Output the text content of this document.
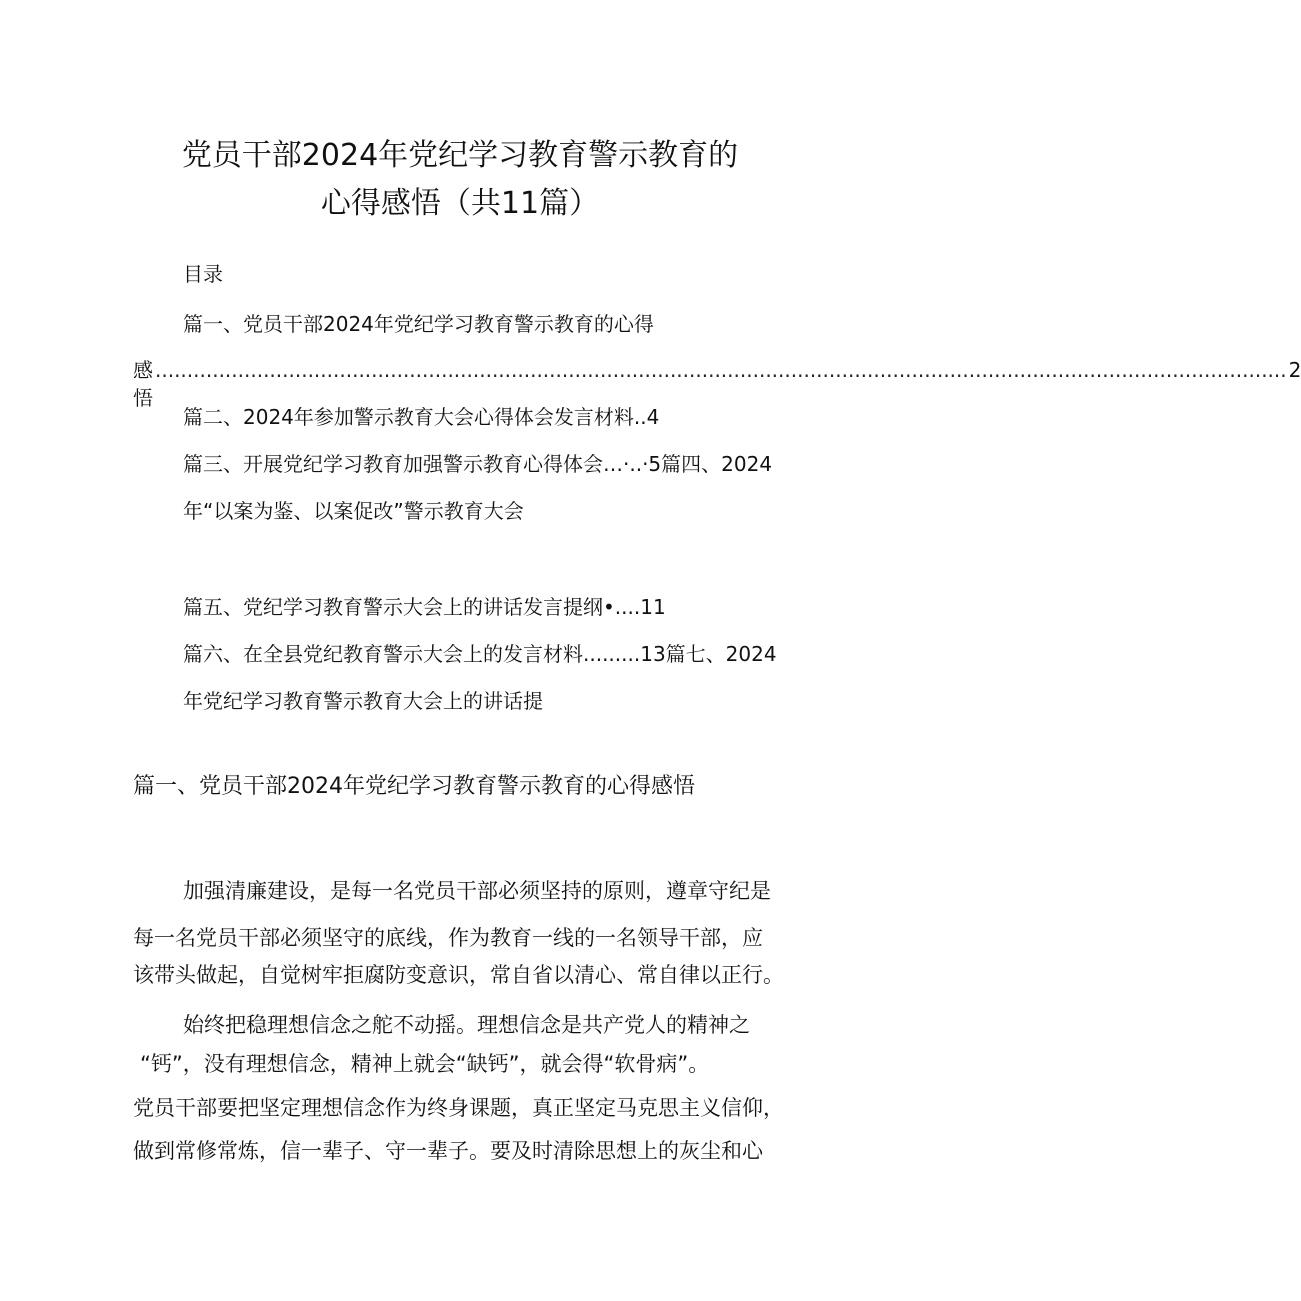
党员干部2024年党纪学习教育警示教育的
心得感悟（共11篇）
目录
篇一、党员干部2024年党纪学习教育警示教育的心得
感悟
.................................................................................................................................................................................. 2
篇二、2024年参加警示教育大会心得体会发言材料..4
篇三、开展党纪学习教育加强警示教育心得体会…·..·5篇四、2024
年“以案为鉴、以案促改”警示教育大会
篇五、党纪学习教育警示大会上的讲话发言提纲•....11
篇六、在全县党纪教育警示大会上的发言材料.........13篇七、2024
年党纪学习教育警示教育大会上的讲话提
篇一、党员干部2024年党纪学习教育警示教育的心得感悟
加强清廉建设，是每一名党员干部必须坚持的原则，遵章守纪是
每一名党员干部必须坚守的底线，作为教育一线的一名领导干部，应
该带头做起，自觉树牢拒腐防变意识，常自省以清心、常自律以正行。
始终把稳理想信念之舵不动摇。理想信念是共产党人的精神之
“钙”，没有理想信念，精神上就会“缺钙”，就会得“软骨病”。
党员干部要把坚定理想信念作为终身课题，真正坚定马克思主义信仰，
做到常修常炼，信一辈子、守一辈子。要及时清除思想上的灰尘和心
